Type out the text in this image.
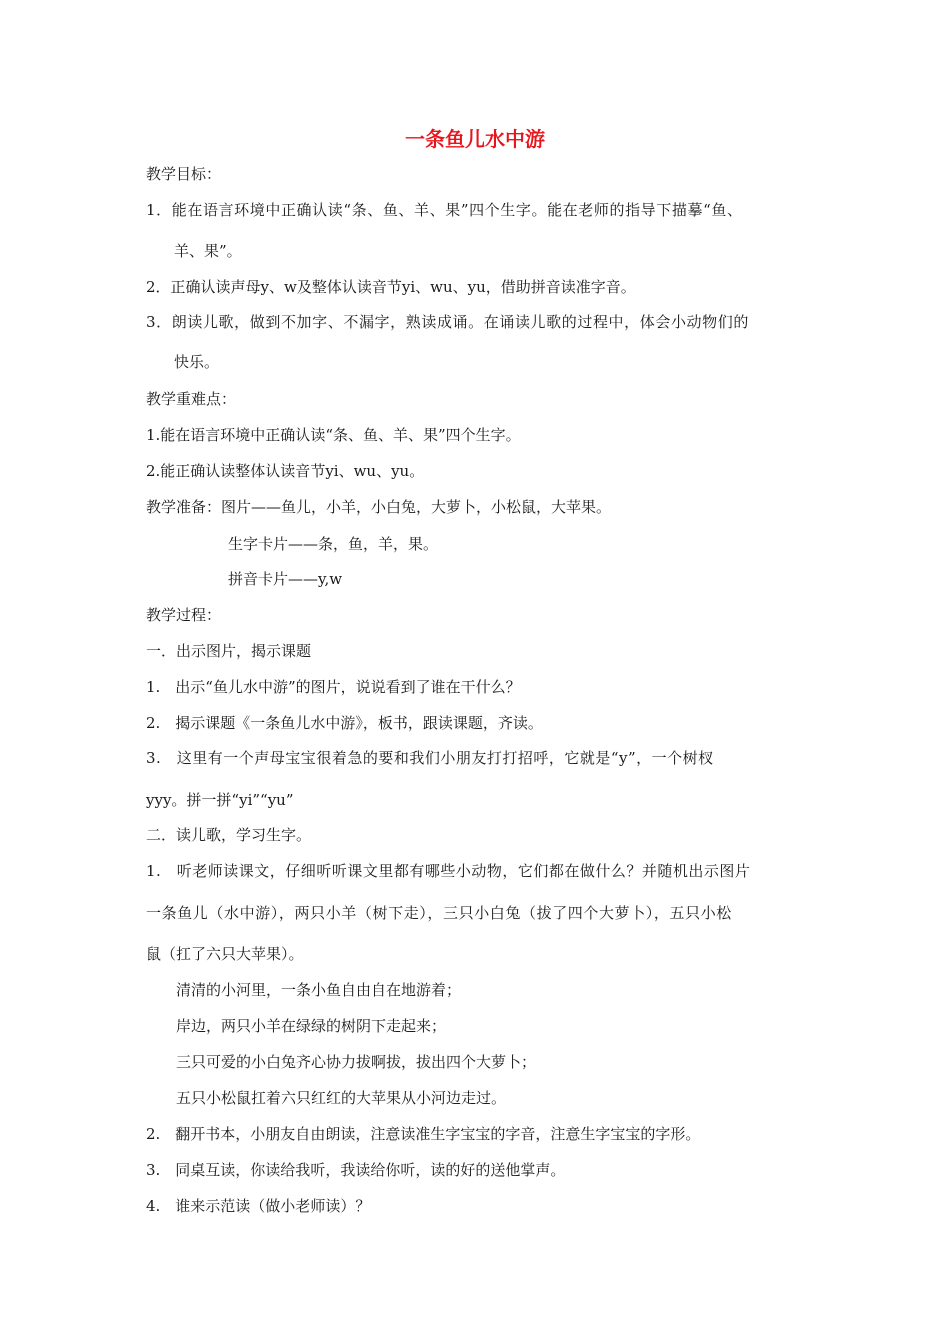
一条鱼儿水中游
教学目标：
1．能在语言环境中正确认读“条、鱼、羊、果”四个生字。能在老师的指导下描摹“鱼、
羊、果”。
2．正确认读声母y、w及整体认读音节yi、wu、yu，借助拼音读准字音。
3．朗读儿歌，做到不加字、不漏字，熟读成诵。在诵读儿歌的过程中，体会小动物们的
快乐。
教学重难点：
1.能在语言环境中正确认读“条、鱼、羊、果”四个生字。
2.能正确认读整体认读音节yi、wu、yu。
教学准备：图片——鱼儿，小羊，小白兔，大萝卜，小松鼠，大苹果。
生字卡片——条，鱼，羊，果。
拼音卡片——y,w
教学过程：
一．出示图片，揭示课题
1.　出示“鱼儿水中游”的图片，说说看到了谁在干什么？
2.　揭示课题《一条鱼儿水中游》，板书，跟读课题，齐读。
3.　这里有一个声母宝宝很着急的要和我们小朋友打打招呼，它就是“y”，一个树杈
yyy。拼一拼“yi”“yu”
二．读儿歌，学习生字。
1.　听老师读课文，仔细听听课文里都有哪些小动物，它们都在做什么？并随机出示图片
一条鱼儿（水中游），两只小羊（树下走），三只小白兔（拔了四个大萝卜），五只小松
鼠（扛了六只大苹果）。
清清的小河里，一条小鱼自由自在地游着；
岸边，两只小羊在绿绿的树阴下走起来；
三只可爱的小白兔齐心协力拔啊拔，拔出四个大萝卜；
五只小松鼠扛着六只红红的大苹果从小河边走过。
2.　翻开书本，小朋友自由朗读，注意读准生字宝宝的字音，注意生字宝宝的字形。
3.　同桌互读，你读给我听，我读给你听，读的好的送他掌声。
4.　谁来示范读（做小老师读）？
